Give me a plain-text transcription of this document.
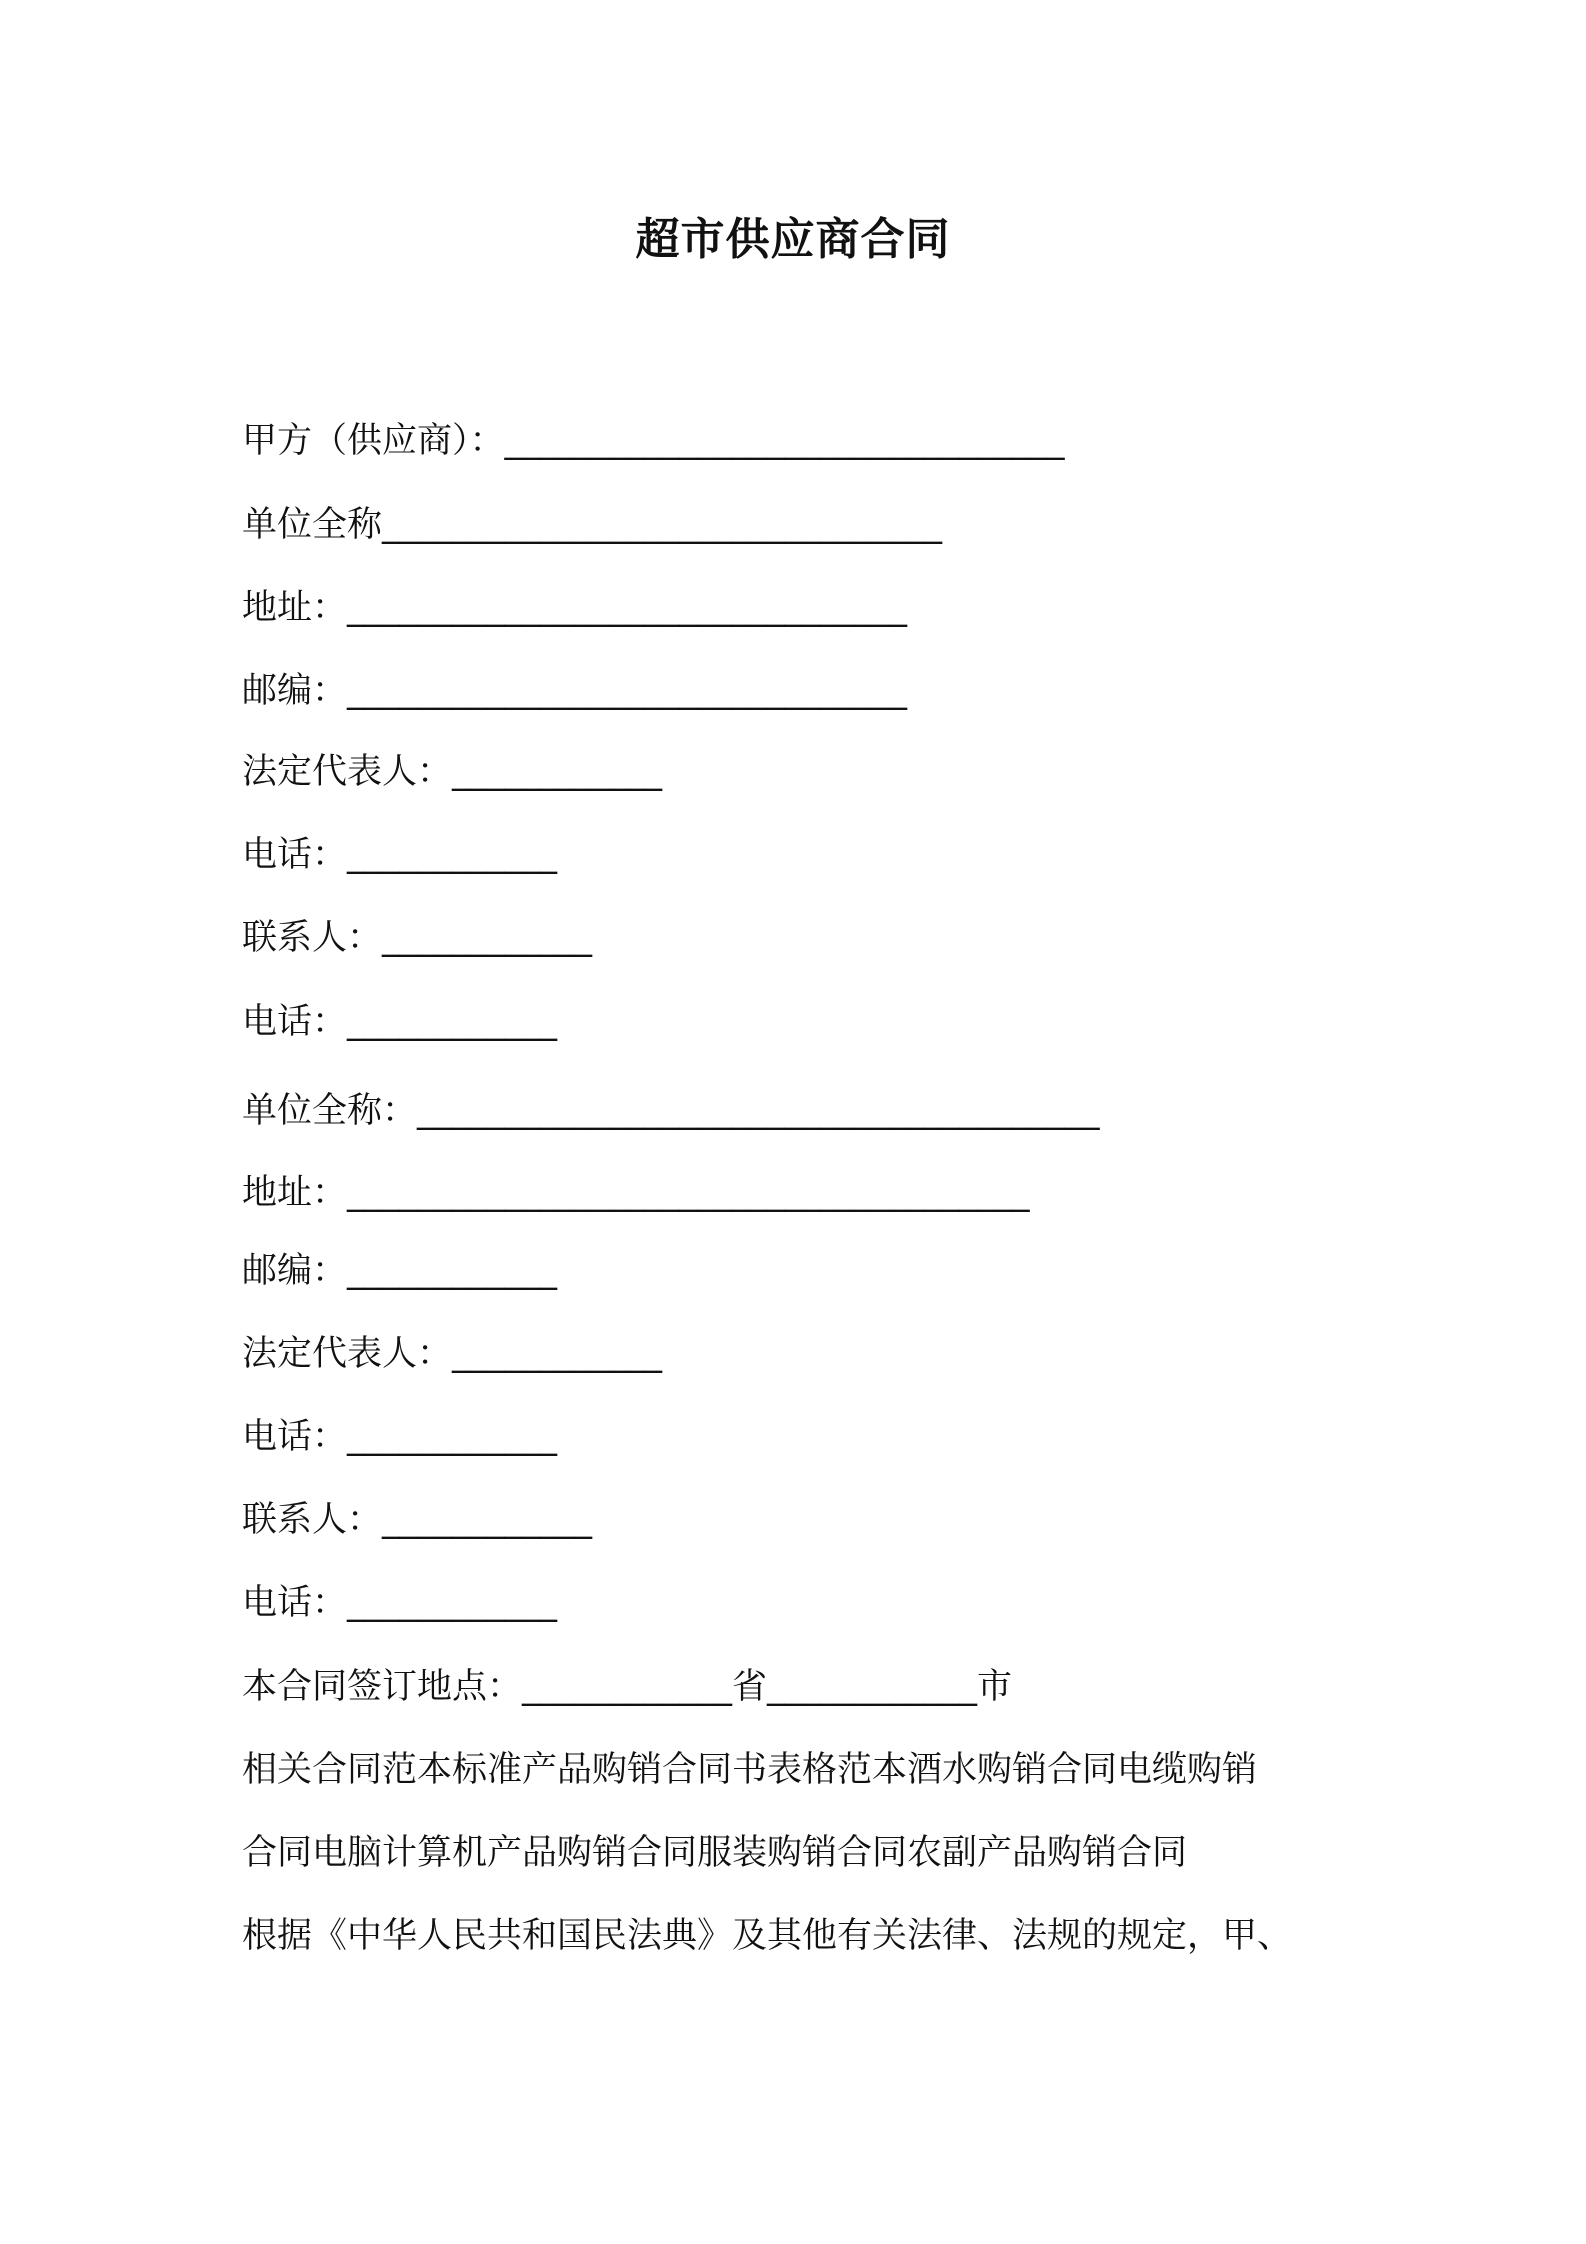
超市供应商合同
甲方（供应商）：________________________________
单位全称________________________________
地址：________________________________
邮编：________________________________
法定代表人：____________
电话：____________
联系人：____________
电话：____________
单位全称：_______________________________________
地址：_______________________________________
邮编：____________
法定代表人：____________
电话：____________
联系人：____________
电话：____________
本合同签订地点：____________省____________市
相关合同范本标准产品购销合同书表格范本酒水购销合同电缆购销
合同电脑计算机产品购销合同服装购销合同农副产品购销合同
根据《中华人民共和国民法典》及其他有关法律、法规的规定，甲、
